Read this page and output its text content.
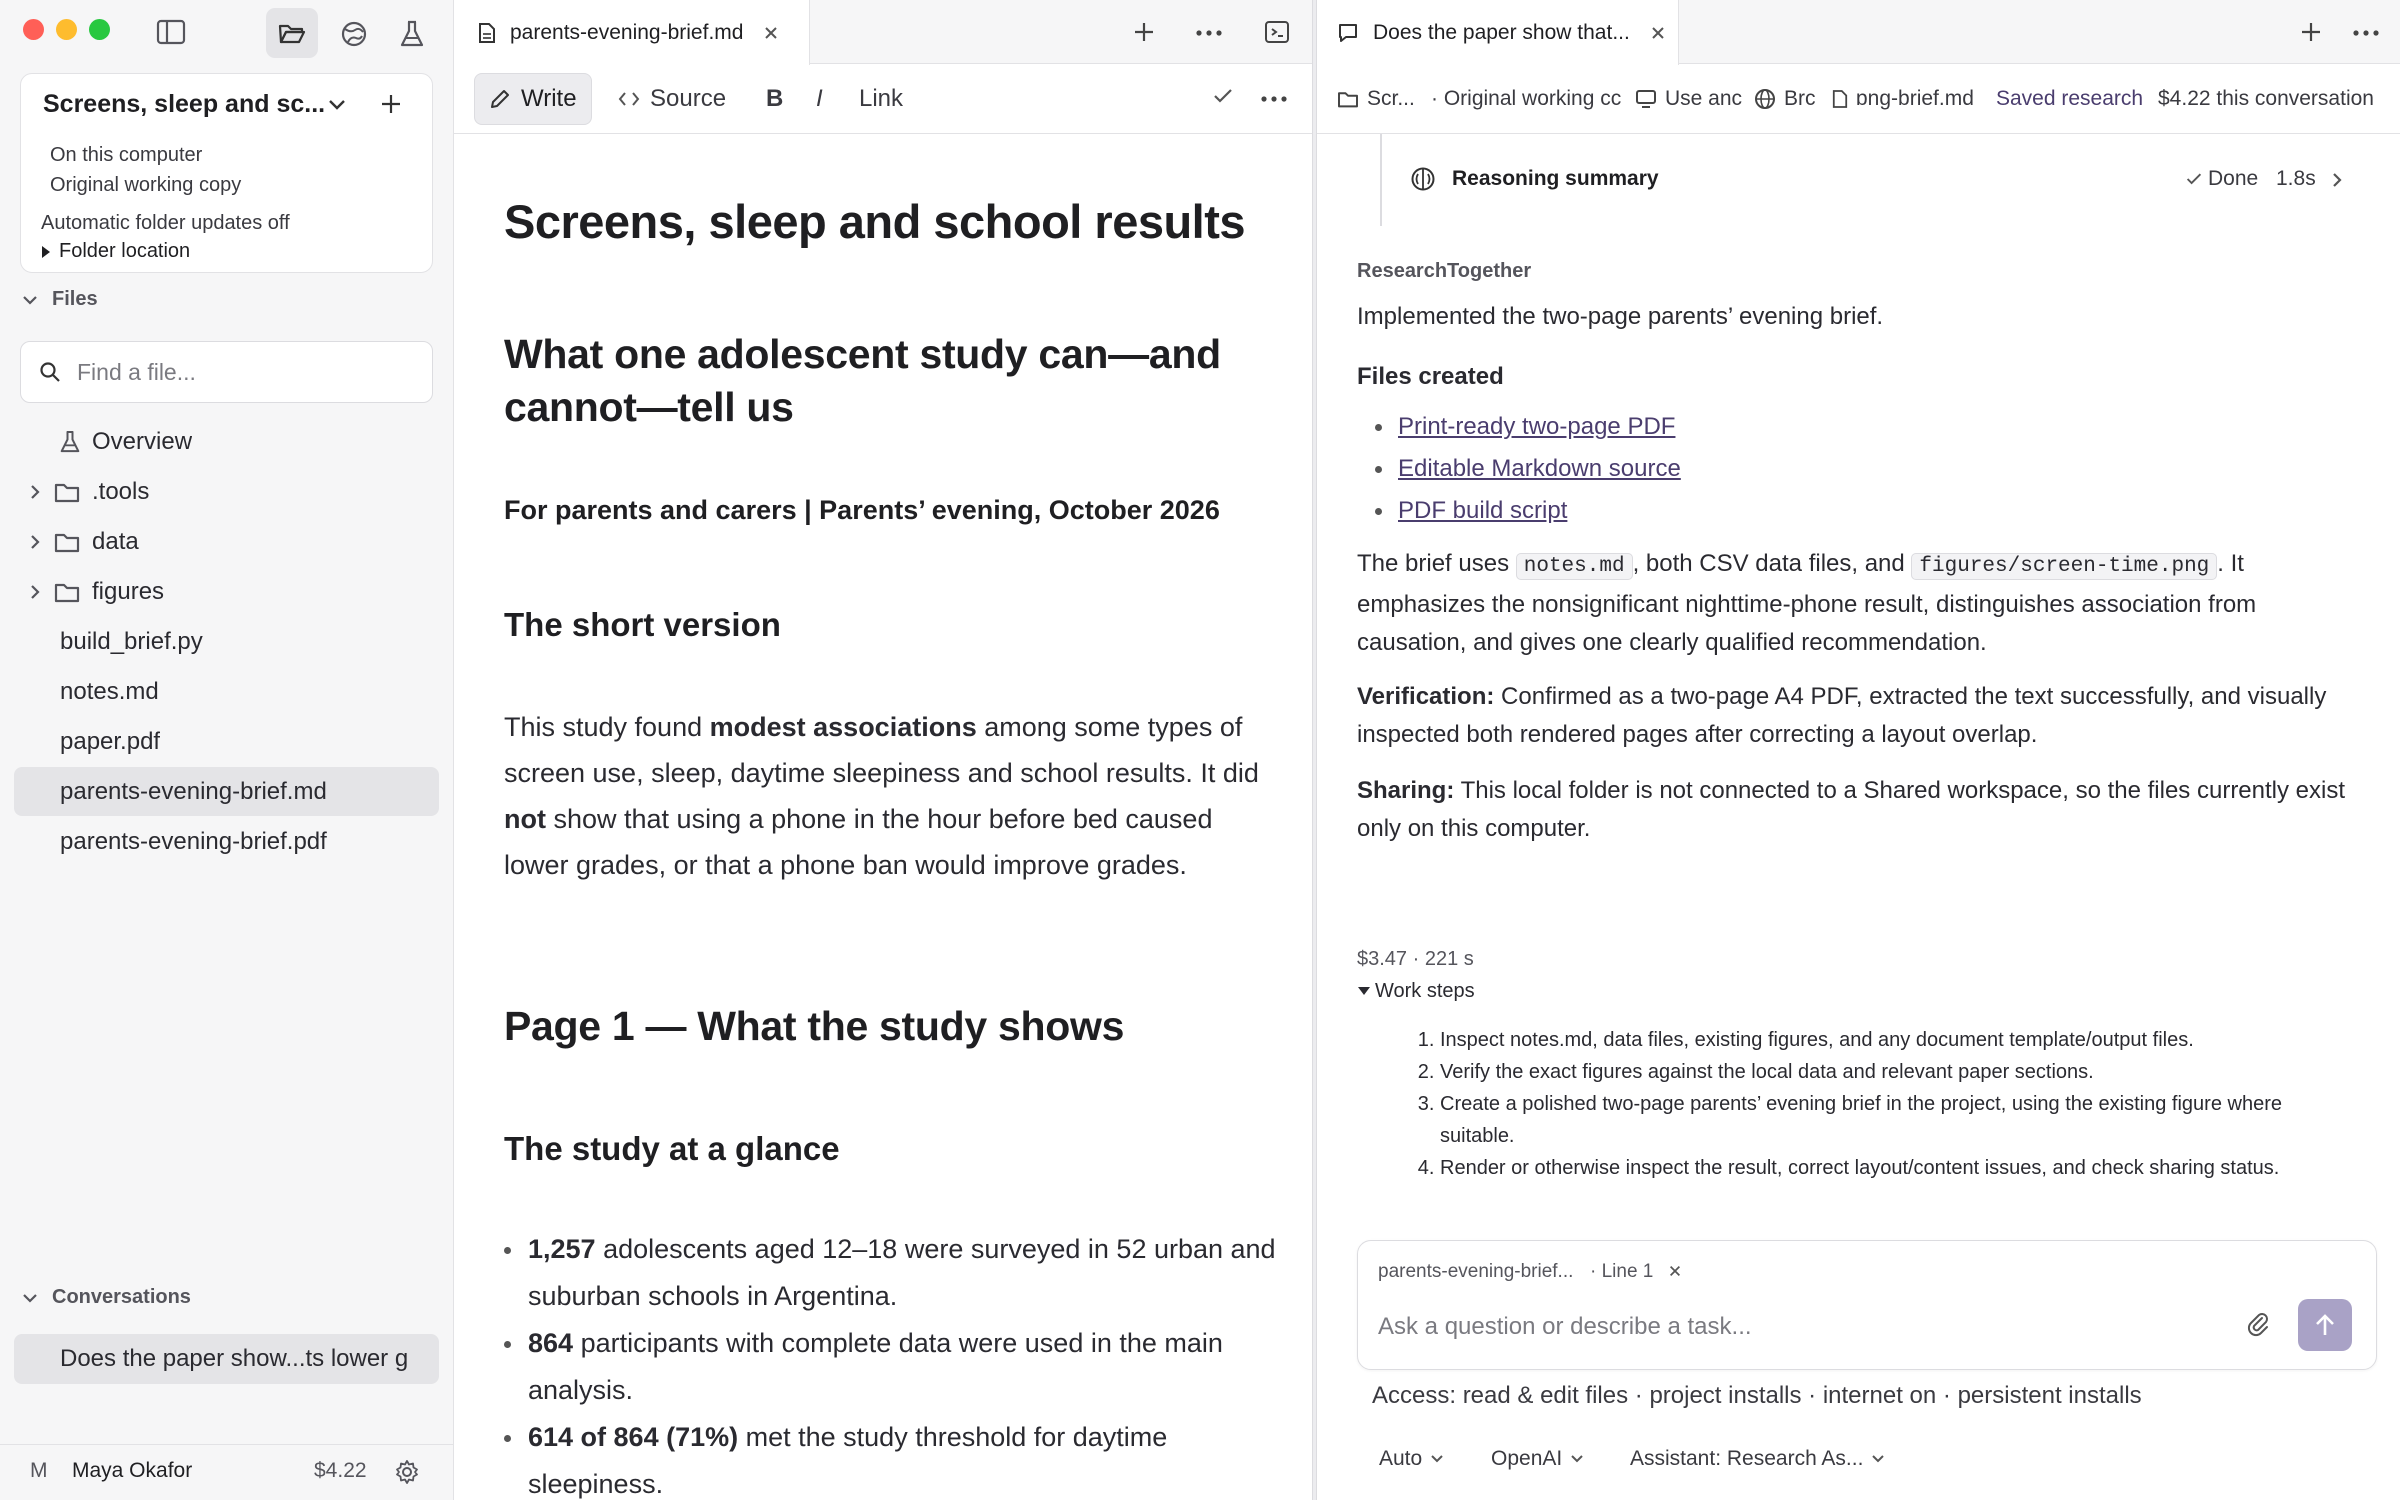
Screens, sleep and sc...
On this computer
Original working copy
Automatic folder updates off
Folder location
Files
Find a file...
Overview
.tools
data
figures
build_brief.py
notes.md
paper.pdf
parents-evening-brief.md
parents-evening-brief.pdf
Conversations
Does the paper show...ts lower g
M Maya Okafor	$4.22
parents-evening-brief.md
Write	Source	B	I	Link
Screens, sleep and school results
What one adolescent study can—and cannot—tell us
For parents and carers | Parents’ evening, October 2026
The short version

This study found modest associations among some types of screen use, sleep, daytime sleepiness and school results. It did not show that using a phone in the hour before bed caused lower grades, or that a phone ban would improve grades.

Page 1 — What the study shows
The study at a glance
1,257 adolescents aged 12–18 were surveyed in 52 urban and suburban schools in Argentina.
864 participants with complete data were used in the main analysis.
614 of 864 (71%) met the study threshold for daytime sleepiness.
Does the paper show that...
Scr... · Original working cc Use anc Brc ɒng-brief.md Saved research $4.22 this conversation
Reasoning summary	Done 1.8s
ResearchTogether
Implemented the two-page parents’ evening brief.
Files created
Print-ready two-page PDF
Editable Markdown source
PDF build script
The brief uses notes.md , both CSV data files, and figures/screen-time.png . It emphasizes the nonsignificant nighttime-phone result, distinguishes association from causation, and gives one clearly qualified recommendation.
Verification: Confirmed as a two-page A4 PDF, extracted the text successfully, and visually inspected both rendered pages after correcting a layout overlap.
Sharing: This local folder is not connected to a Shared workspace, so the files currently exist only on this computer.
$3.47 · 221 s
Work steps
1. Inspect notes.md, data files, existing figures, and any document template/output files.
2. Verify the exact figures against the local data and relevant paper sections.
3. Create a polished two-page parents’ evening brief in the project, using the existing figure where suitable.
4. Render or otherwise inspect the result, correct layout/content issues, and check sharing status.
parents-evening-brief... · Line 1
Ask a question or describe a task...
Access: read & edit files · project installs · internet on · persistent installs
Auto	OpenAI	Assistant: Research As...
